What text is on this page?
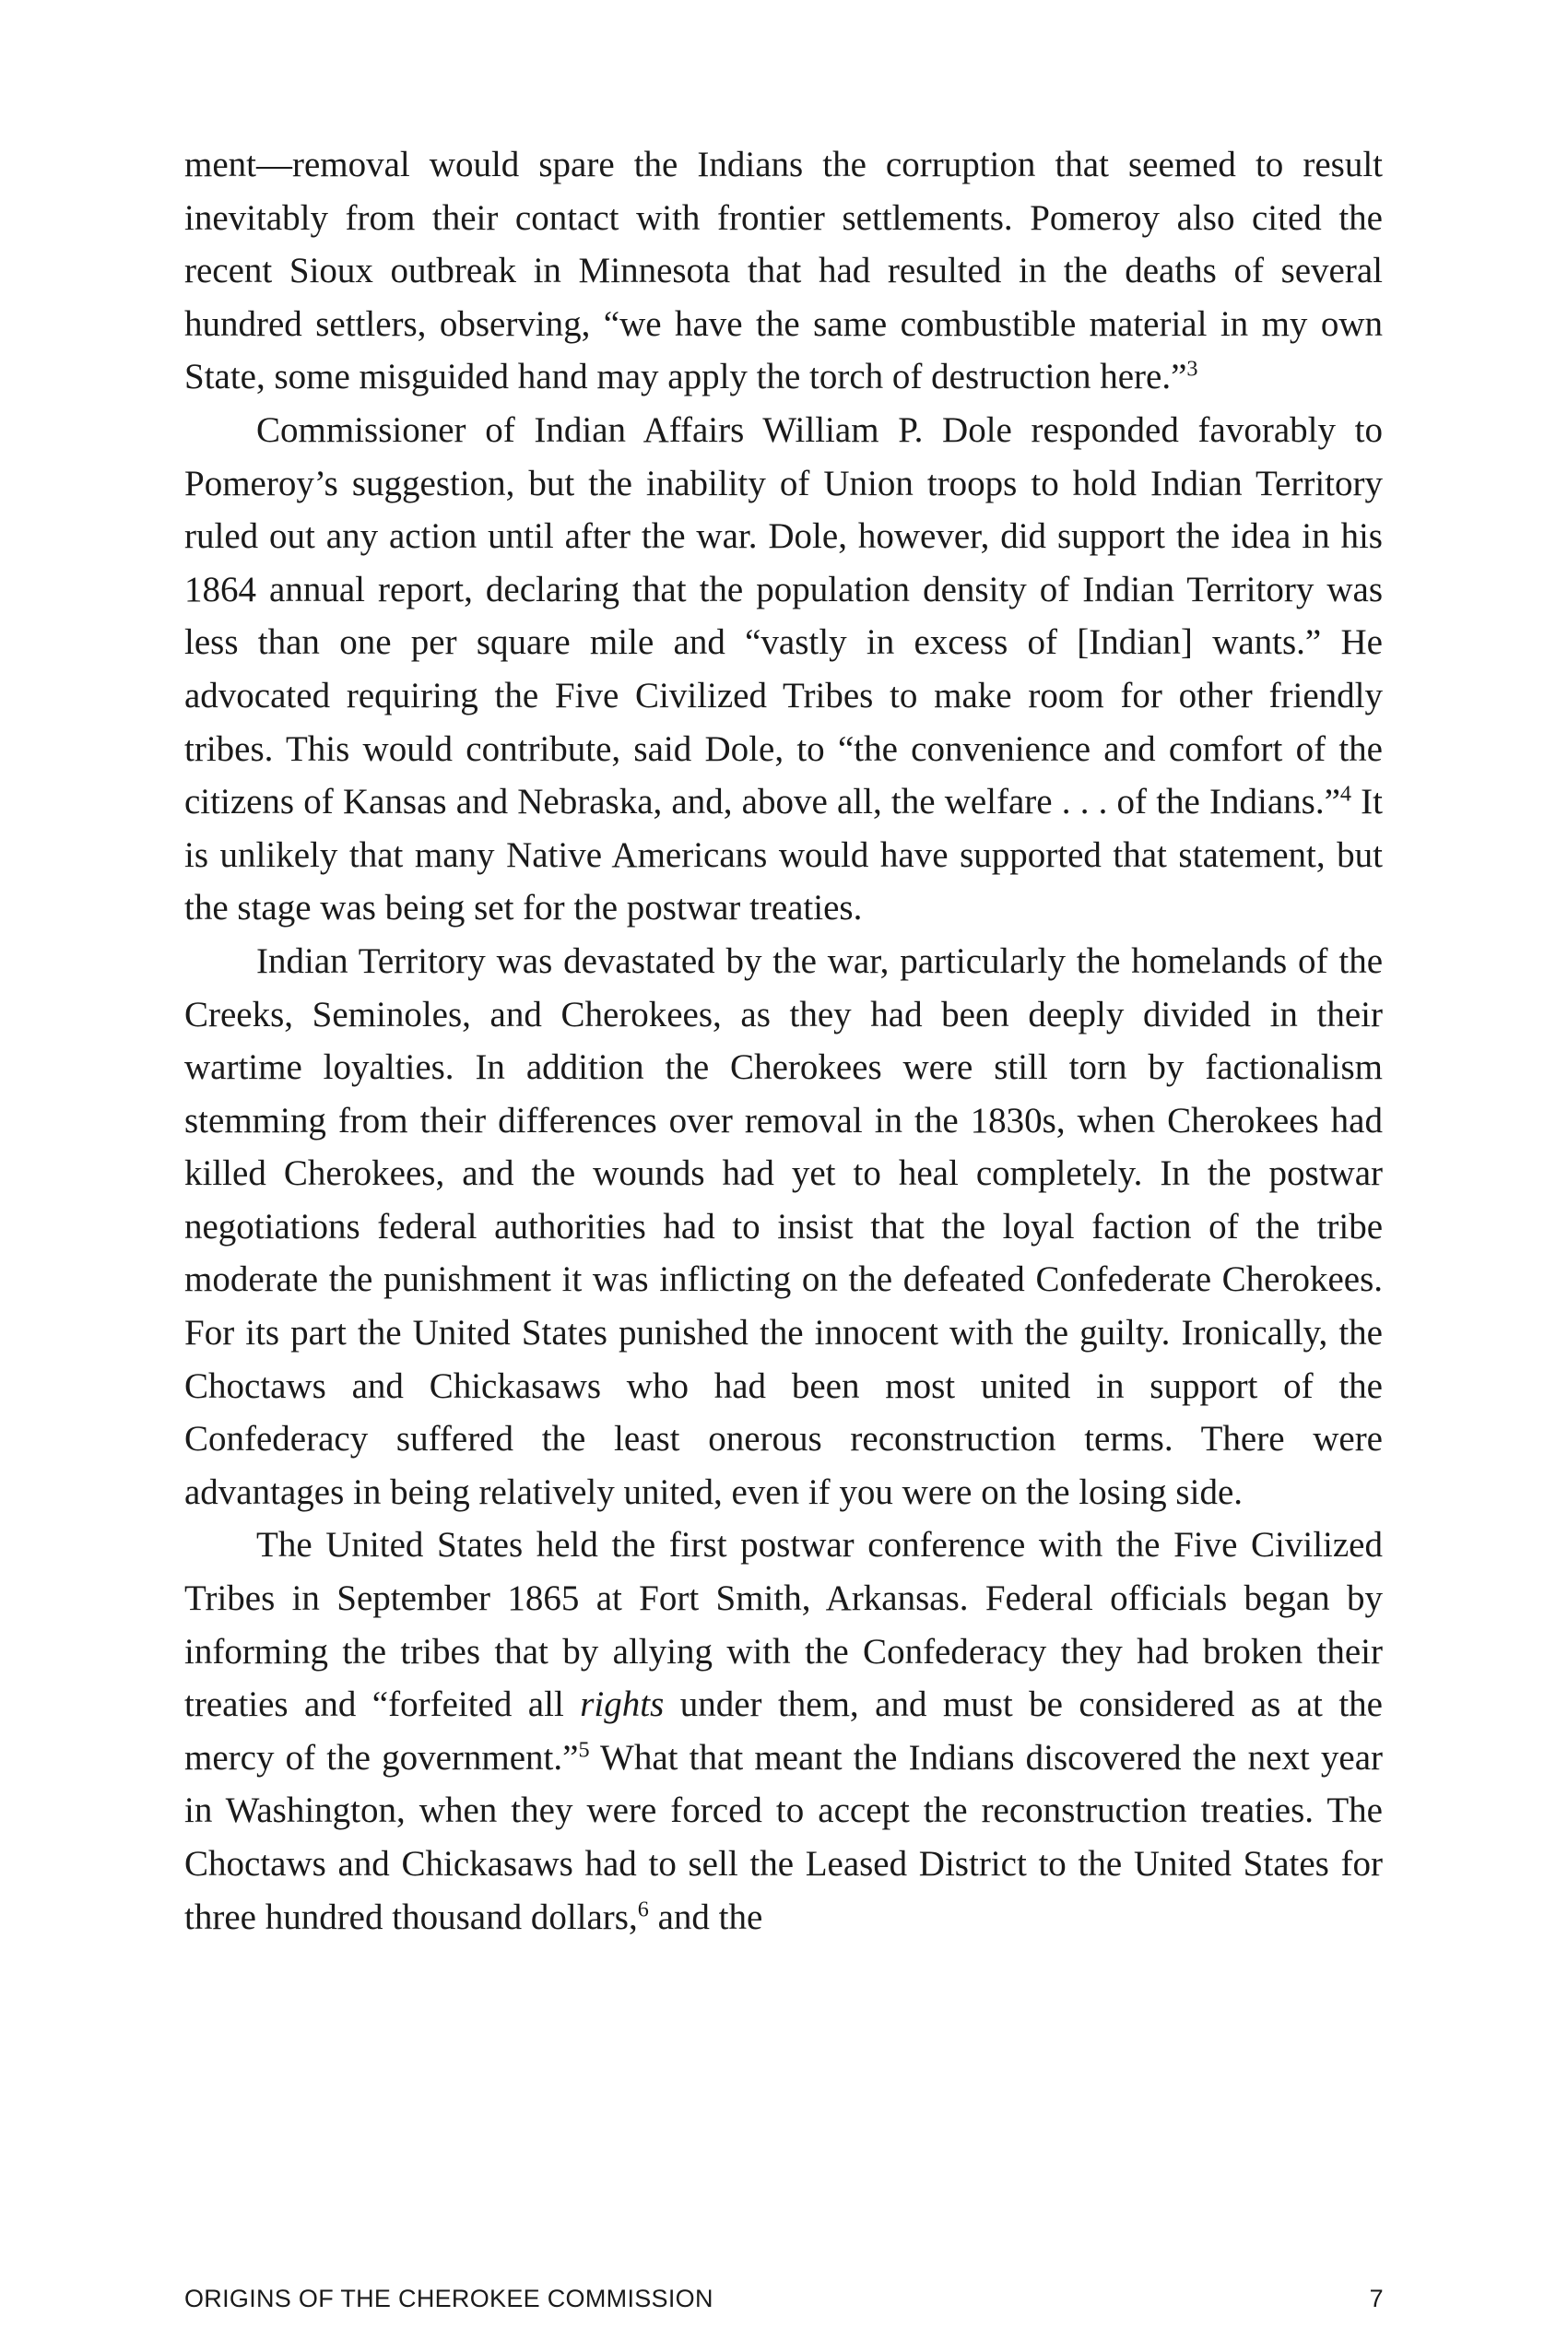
ment—removal would spare the Indians the corruption that seemed to result inevitably from their contact with frontier settlements. Pomeroy also cited the recent Sioux outbreak in Minnesota that had resulted in the deaths of several hundred settlers, observing, “we have the same combustible material in my own State, some misguided hand may apply the torch of destruction here.”$^3$

Commissioner of Indian Affairs William P. Dole responded favorably to Pomeroy’s suggestion, but the inability of Union troops to hold Indian Territory ruled out any action until after the war. Dole, however, did support the idea in his 1864 annual report, declaring that the population density of Indian Territory was less than one per square mile and “vastly in excess of [Indian] wants.” He advocated requiring the Five Civilized Tribes to make room for other friendly tribes. This would contribute, said Dole, to “the convenience and comfort of the citizens of Kansas and Nebraska, and, above all, the welfare . . . of the Indians.”$^4$ It is unlikely that many Native Americans would have supported that statement, but the stage was being set for the postwar treaties.

Indian Territory was devastated by the war, particularly the homelands of the Creeks, Seminoles, and Cherokees, as they had been deeply divided in their wartime loyalties. In addition the Cherokees were still torn by factionalism stemming from their differences over removal in the 1830s, when Cherokees had killed Cherokees, and the wounds had yet to heal completely. In the postwar negotiations federal authorities had to insist that the loyal faction of the tribe moderate the punishment it was inflicting on the defeated Confederate Cherokees. For its part the United States punished the innocent with the guilty. Ironically, the Choctaws and Chickasaws who had been most united in support of the Confederacy suffered the least onerous reconstruction terms. There were advantages in being relatively united, even if you were on the losing side.

The United States held the first postwar conference with the Five Civilized Tribes in September 1865 at Fort Smith, Arkansas. Federal officials began by informing the tribes that by allying with the Confederacy they had broken their treaties and “forfeited all rights under them, and must be considered as at the mercy of the government.”$^5$ What that meant the Indians discovered the next year in Washington, when they were forced to accept the reconstruction treaties. The Choctaws and Chickasaws had to sell the Leased District to the United States for three hundred thousand dollars,$^6$ and the

ORIGINS OF THE CHEROKEE COMMISSION	7
